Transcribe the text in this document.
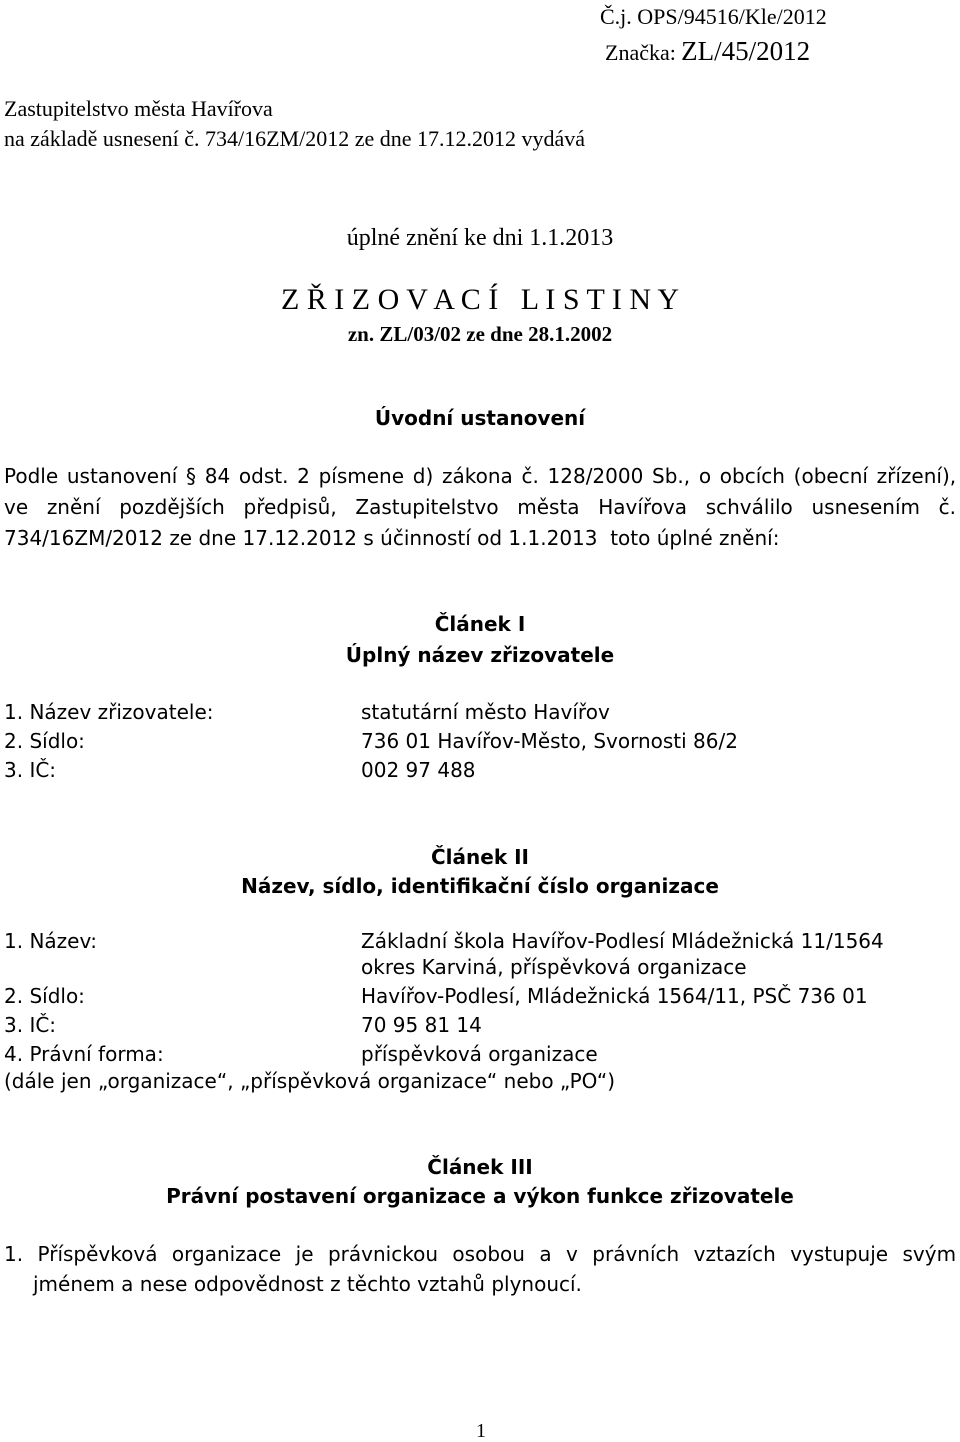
Č.j. OPS/94516/Kle/2012
Značka: ZL/45/2012
Zastupitelstvo města Havířova
na základě usnesení č. 734/16ZM/2012 ze dne 17.12.2012 vydává
úplné znění ke dni 1.1.2013
Z Ř I Z O V A C Í   L I S T I N Y
zn. ZL/03/02 ze dne 28.1.2002
Úvodní ustanovení
Podle ustanovení § 84 odst. 2 písmene d) zákona č. 128/2000 Sb., o obcích (obecní zřízení),
ve znění pozdějších předpisů, Zastupitelstvo města Havířova schválilo usnesením č.
734/16ZM/2012 ze dne 17.12.2012 s účinností od 1.1.2013  toto úplné znění:
Článek I
Úplný název zřizovatele
1. Název zřizovatele:	statutární město Havířov
2. Sídlo:	736 01 Havířov-Město, Svornosti 86/2
3. IČ:	002 97 488
Článek II
Název, sídlo, identifikační číslo organizace
1. Název:	Základní škola Havířov-Podlesí Mládežnická 11/1564
okres Karviná, příspěvková organizace
2. Sídlo:	Havířov-Podlesí, Mládežnická 1564/11, PSČ 736 01
3. IČ:	70 95 81 14
4. Právní forma:	příspěvková organizace
(dále jen „organizace“, „příspěvková organizace“ nebo „PO“)
Článek III
Právní postavení organizace a výkon funkce zřizovatele
1. Příspěvková organizace je právnickou osobou a v právních vztazích vystupuje svým
jménem a nese odpovědnost z těchto vztahů plynoucí.
1
